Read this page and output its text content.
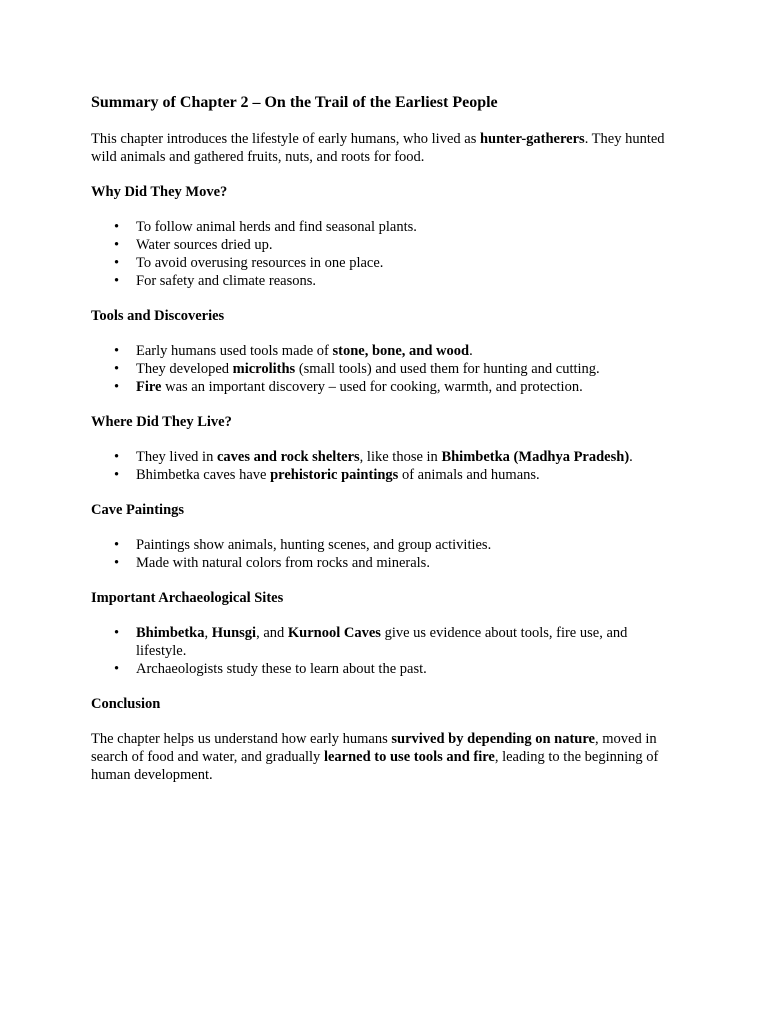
Summary of Chapter 2 – On the Trail of the Earliest People

This chapter introduces the lifestyle of early humans, who lived as hunter-gatherers. They hunted wild animals and gathered fruits, nuts, and roots for food.

Why Did They Move?
• To follow animal herds and find seasonal plants.
• Water sources dried up.
• To avoid overusing resources in one place.
• For safety and climate reasons.
Tools and Discoveries
• Early humans used tools made of stone, bone, and wood.
• They developed microliths (small tools) and used them for hunting and cutting.
• Fire was an important discovery – used for cooking, warmth, and protection.
Where Did They Live?
• They lived in caves and rock shelters, like those in Bhimbetka (Madhya Pradesh).
• Bhimbetka caves have prehistoric paintings of animals and humans.
Cave Paintings
• Paintings show animals, hunting scenes, and group activities.
• Made with natural colors from rocks and minerals.
Important Archaeological Sites
• Bhimbetka, Hunsgi, and Kurnool Caves give us evidence about tools, fire use, and lifestyle.
• Archaeologists study these to learn about the past.
Conclusion

The chapter helps us understand how early humans survived by depending on nature, moved in search of food and water, and gradually learned to use tools and fire, leading to the beginning of human development.
